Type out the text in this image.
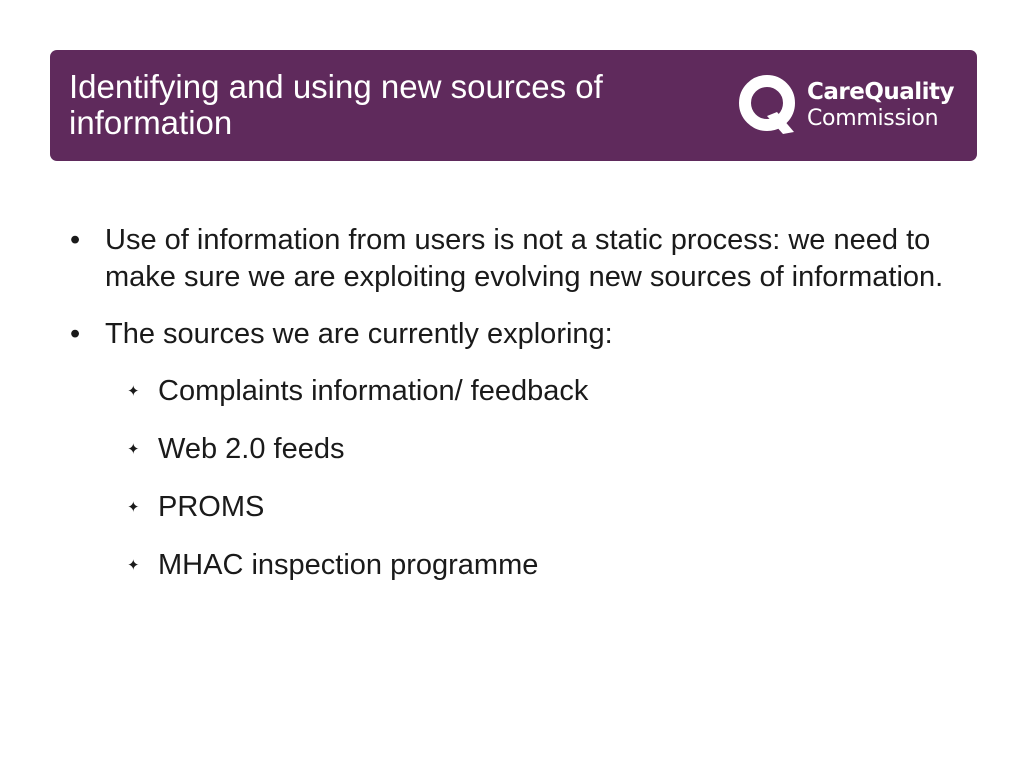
Identifying and using new sources of information
CareQuality
Commission
• Use of information from users is not a static process: we need to make sure we are exploiting evolving new sources of information.
• The sources we are currently exploring:
✦ Complaints information/ feedback
✦ Web 2.0 feeds
✦ PROMS
✦ MHAC inspection programme
